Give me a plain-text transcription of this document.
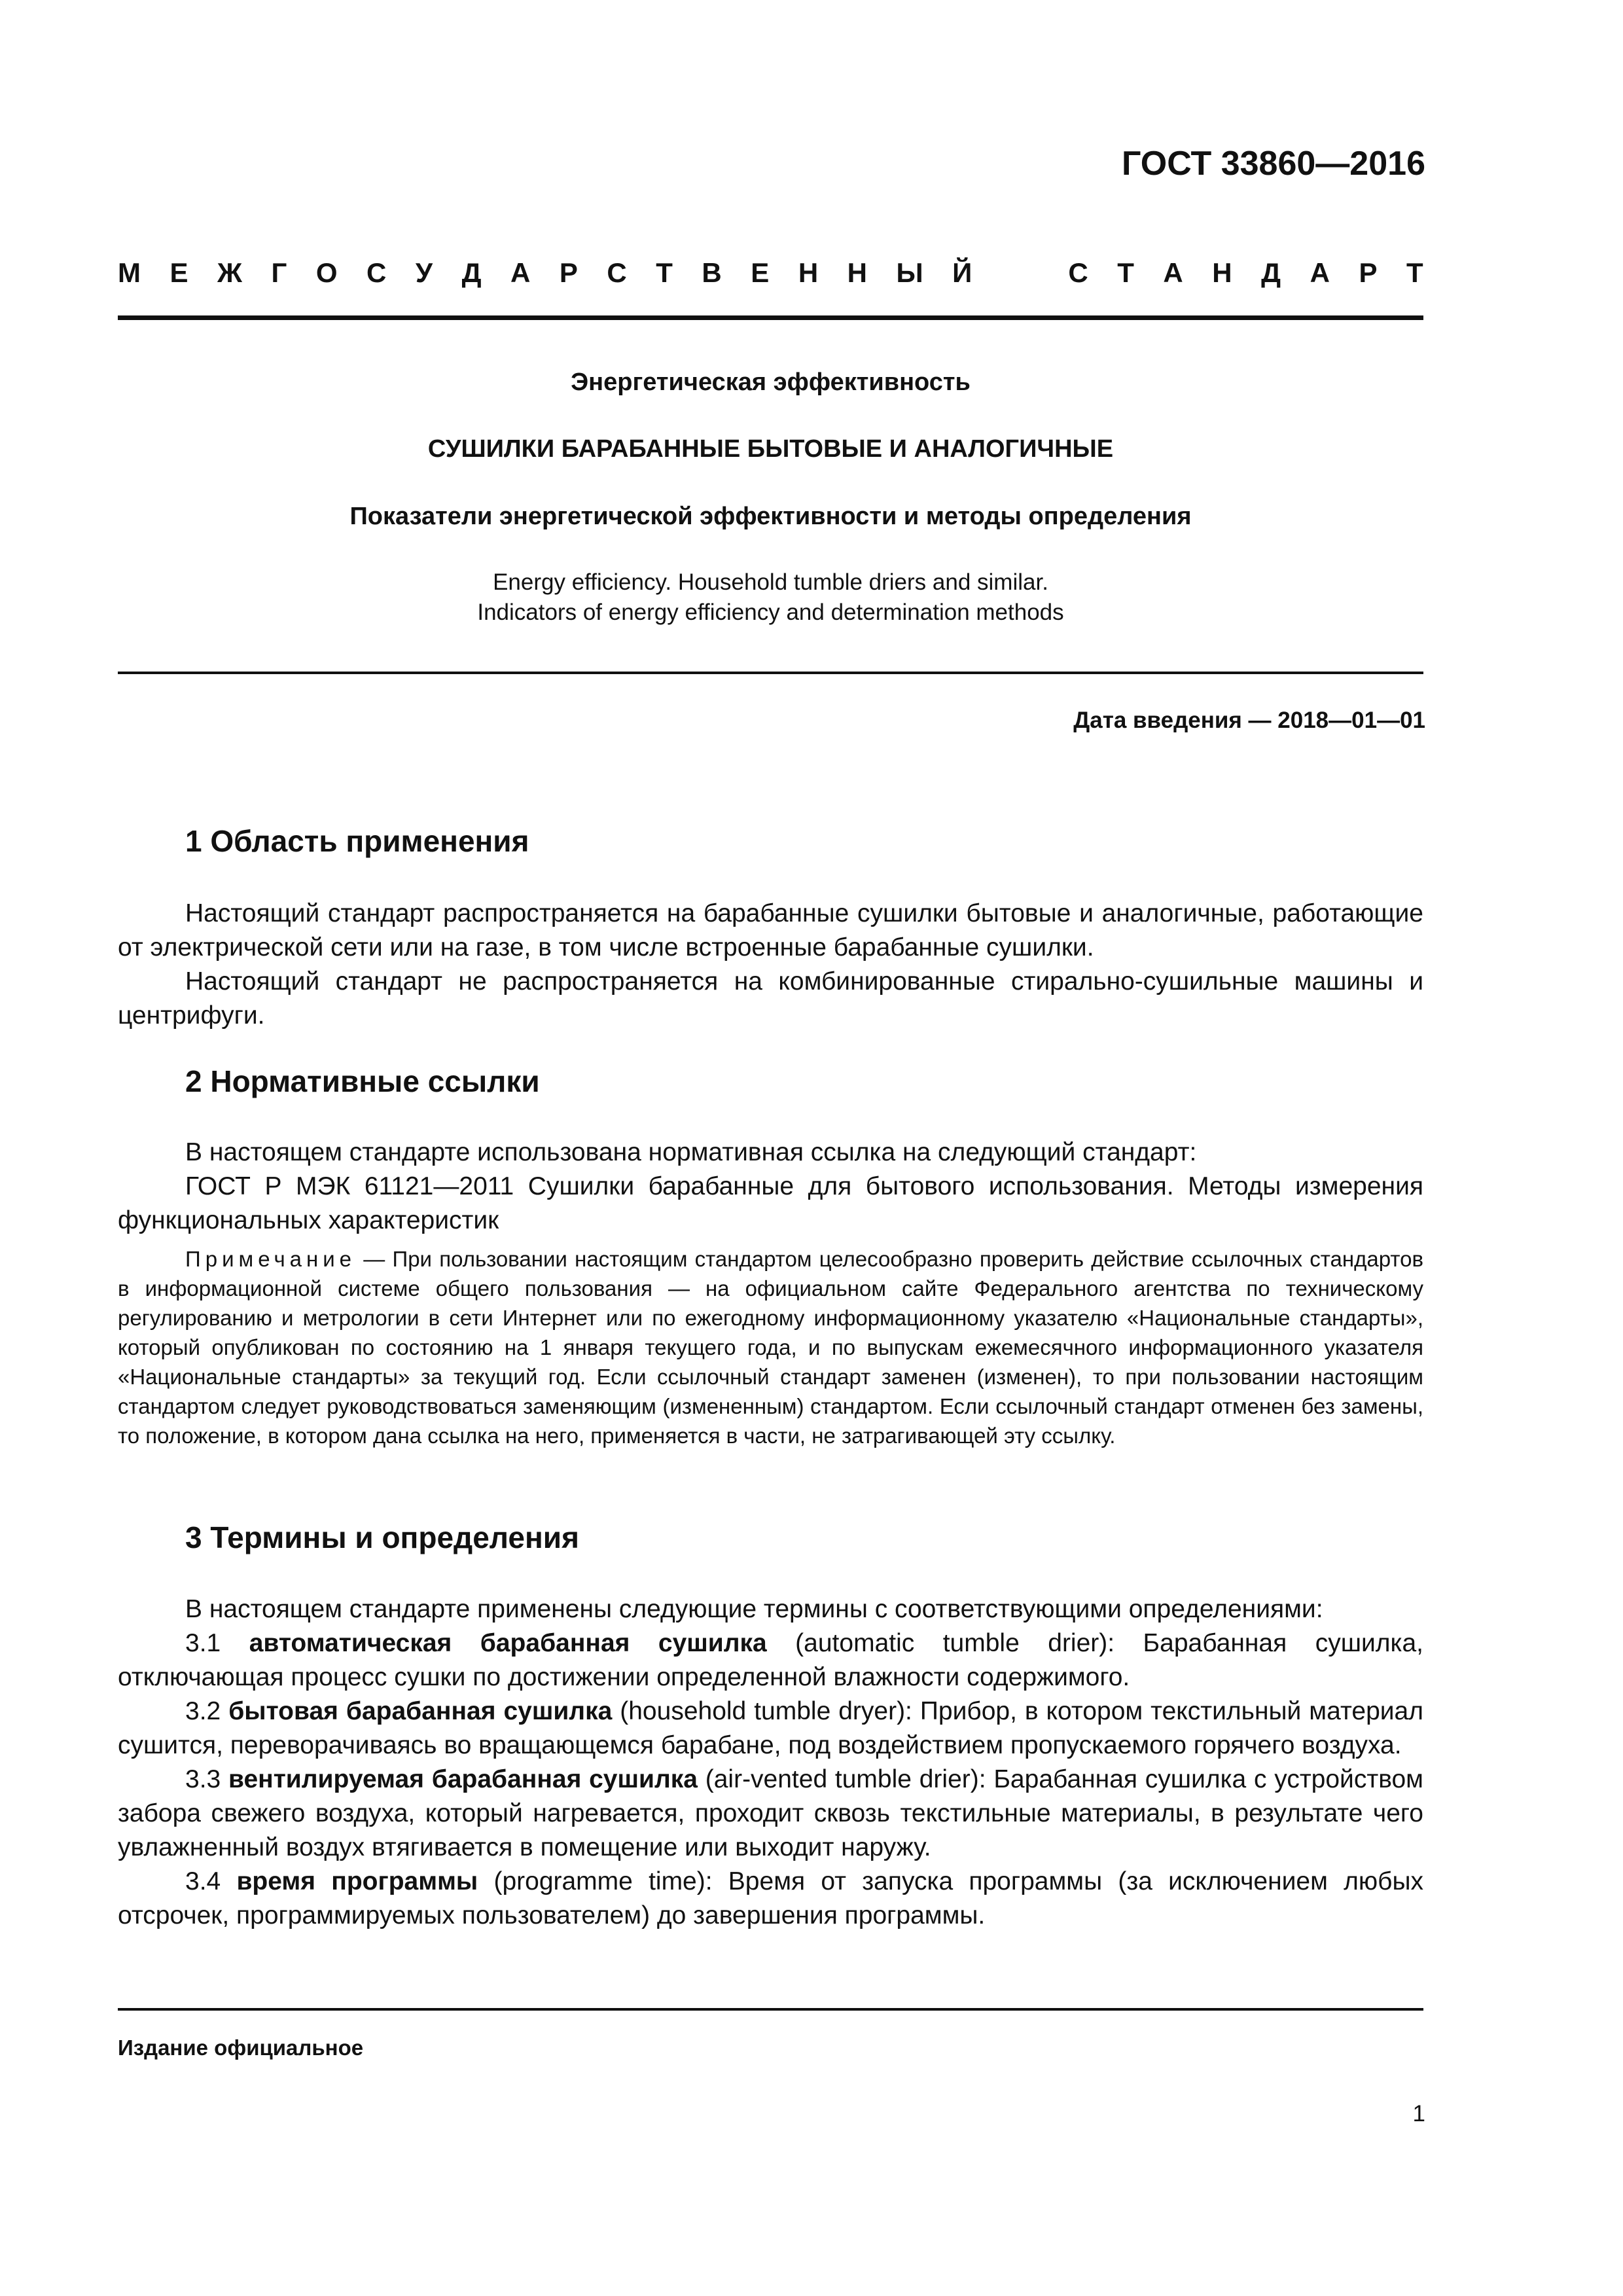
ГОСТ 33860—2016
М Е Ж Г О С У Д А Р С Т В Е Н Н Ы Й	С Т А Н Д А Р Т
Энергетическая эффективность
СУШИЛКИ БАРАБАННЫЕ БЫТОВЫЕ И АНАЛОГИЧНЫЕ
Показатели энергетической эффективности и методы определения
Energy efficiency. Household tumble driers and similar.
Indicators of energy efficiency and determination methods
Дата введения — 2018—01—01
1 Область применения

Настоящий стандарт распространяется на барабанные сушилки бытовые и аналогичные, работающие от электрической сети или на газе, в том числе встроенные барабанные сушилки.

Настоящий стандарт не распространяется на комбинированные стирально-сушильные машины и центрифуги.

2 Нормативные ссылки

В настоящем стандарте использована нормативная ссылка на следующий стандарт:

ГОСТ Р МЭК 61121—2011 Сушилки барабанные для бытового использования. Методы измерения функциональных характеристик

Примечание — При пользовании настоящим стандартом целесообразно проверить действие ссылочных стандартов в информационной системе общего пользования — на официальном сайте Федерального агентства по техническому регулированию и метрологии в сети Интернет или по ежегодному информационному указателю «Национальные стандарты», который опубликован по состоянию на 1 января текущего года, и по выпускам ежемесячного информационного указателя «Национальные стандарты» за текущий год. Если ссылочный стандарт заменен (изменен), то при пользовании настоящим стандартом следует руководствоваться заменяющим (измененным) стандартом. Если ссылочный стандарт отменен без замены, то положение, в котором дана ссылка на него, применяется в части, не затрагивающей эту ссылку.

3 Термины и определения

В настоящем стандарте применены следующие термины с соответствующими определениями:

3.1 автоматическая барабанная сушилка (automatic tumble drier): Барабанная сушилка, отключающая процесс сушки по достижении определенной влажности содержимого.

3.2 бытовая барабанная сушилка (household tumble dryer): Прибор, в котором текстильный материал сушится, переворачиваясь во вращающемся барабане, под воздействием пропускаемого горячего воздуха.

3.3 вентилируемая барабанная сушилка (air-vented tumble drier): Барабанная сушилка с устройством забора свежего воздуха, который нагревается, проходит сквозь текстильные материалы, в результате чего увлажненный воздух втягивается в помещение или выходит наружу.

3.4 время программы (programme time): Время от запуска программы (за исключением любых отсрочек, программируемых пользователем) до завершения программы.

Издание официальное
1
